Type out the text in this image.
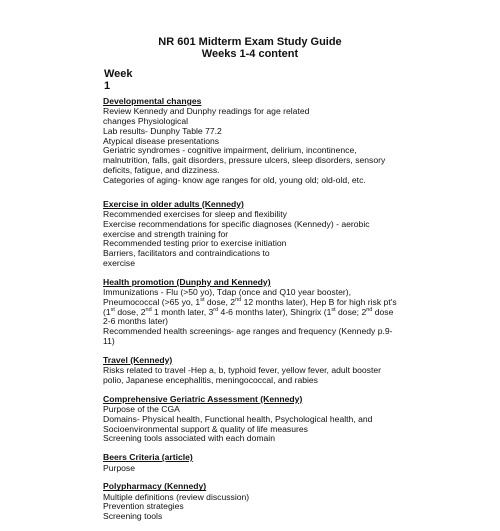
NR 601 Midterm Exam Study Guide
Weeks 1-4 content
Week 1
Developmental changes
Review Kennedy and Dunphy readings for age related
changes Physiological
Lab results- Dunphy Table 77.2
Atypical disease presentations
Geriatric syndromes - cognitive impairment, delirium, incontinence, malnutrition, falls, gait disorders, pressure ulcers, sleep disorders, sensory deficits, fatigue, and dizziness.
Categories of aging- know age ranges for old, young old; old-old, etc.
Exercise in older adults (Kennedy)
Recommended exercises for sleep and flexibility
Exercise recommendations for specific diagnoses (Kennedy) - aerobic exercise and strength training for
Recommended testing prior to exercise initiation
Barriers, facilitators and contraindications to
exercise
Health promotion (Dunphy and Kennedy)
Immunizations - Flu (>50 yo), Tdap (once and Q10 year booster), Pneumococcal (>65 yo, 1st dose, 2nd 12 months later), Hep B for high risk pt's (1st dose, 2nd 1 month later, 3rd 4-6 months later), Shingrix (1st dose; 2nd dose 2-6 months later)
Recommended health screenings- age ranges and frequency (Kennedy p.9-11)
Travel (Kennedy)
Risks related to travel -Hep a, b, typhoid fever, yellow fever, adult booster polio, Japanese encephalitis, meningococcal, and rabies
Comprehensive Geriatric Assessment (Kennedy)
Purpose of the CGA
Domains- Physical health, Functional health, Psychological health, and Socioenvironmental support & quality of life measures
Screening tools associated with each domain
Beers Criteria (article)
Purpose
Polypharmacy (Kennedy)
Multiple definitions (review discussion)
Prevention strategies
Screening tools
